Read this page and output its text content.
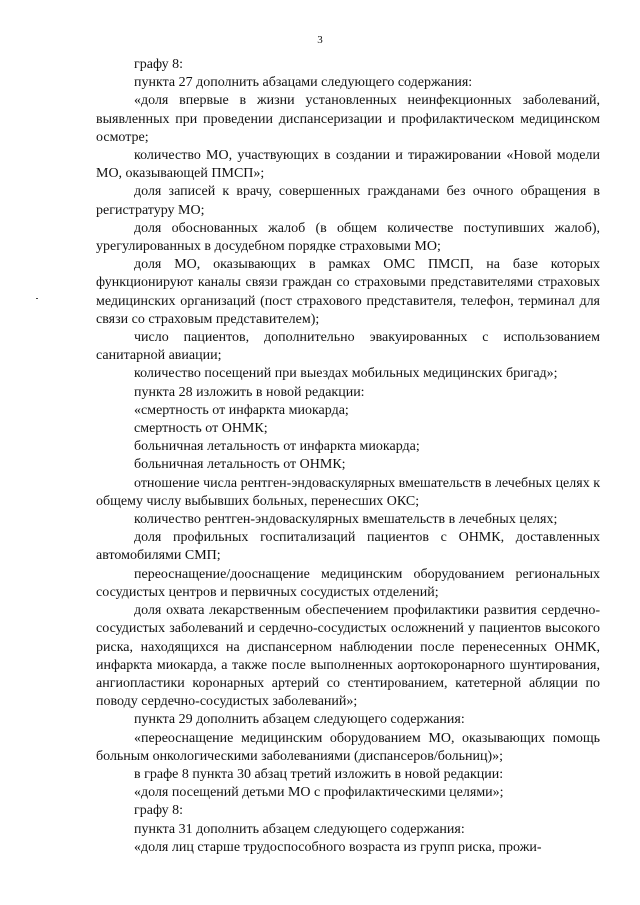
3

графу 8:

пункта 27 дополнить абзацами следующего содержания:

«доля впервые в жизни установленных неинфекционных заболеваний, выявленных при проведении диспансеризации и профилактическом медицинском осмотре;

количество МО, участвующих в создании и тиражировании «Новой модели МО, оказывающей ПМСП»;

доля записей к врачу, совершенных гражданами без очного обращения в регистратуру МО;

доля обоснованных жалоб (в общем количестве поступивших жалоб), урегулированных в досудебном порядке страховыми МО;

доля МО, оказывающих в рамках ОМС ПМСП, на базе которых функционируют каналы связи граждан со страховыми представителями страховых медицинских организаций (пост страхового представителя, телефон, терминал для связи со страховым представителем);

число пациентов, дополнительно эвакуированных с использованием санитарной авиации;

количество посещений при выездах мобильных медицинских бригад»;

пункта 28 изложить в новой редакции:

«смертность от инфаркта миокарда;

смертность от ОНМК;

больничная летальность от инфаркта миокарда;

больничная летальность от ОНМК;

отношение числа рентген-эндоваскулярных вмешательств в лечебных целях к общему числу выбывших больных, перенесших ОКС;

количество рентген-эндоваскулярных вмешательств в лечебных целях;

доля профильных госпитализаций пациентов с ОНМК, доставленных автомобилями СМП;

переоснащение/дооснащение медицинским оборудованием региональных сосудистых центров и первичных сосудистых отделений;

доля охвата лекарственным обеспечением профилактики развития сердечно-сосудистых заболеваний и сердечно-сосудистых осложнений у пациентов высокого риска, находящихся на диспансерном наблюдении после перенесенных ОНМК, инфаркта миокарда, а также после выполненных аортокоронарного шунтирования, ангиопластики коронарных артерий со стентированием, катетерной абляции по поводу сердечно-сосудистых заболеваний»;

пункта 29 дополнить абзацем следующего содержания:

«переоснащение медицинским оборудованием МО, оказывающих помощь больным онкологическими заболеваниями (диспансеров/больниц)»;

в графе 8 пункта 30 абзац третий изложить в новой редакции:

«доля посещений детьми МО с профилактическими целями»;

графу 8:

пункта 31 дополнить абзацем следующего содержания:

«доля лиц старше трудоспособного возраста из групп риска, прожи-
